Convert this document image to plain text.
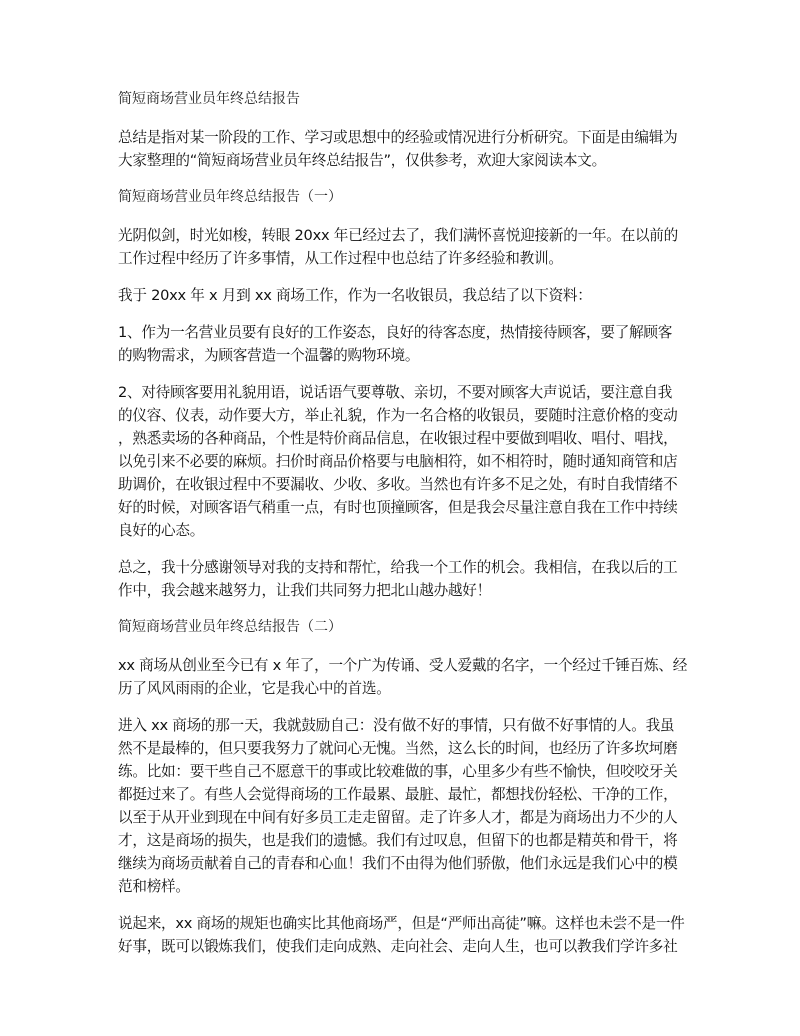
简短商场营业员年终总结报告
总结是指对某一阶段的工作、学习或思想中的经验或情况进行分析研究。下面是由编辑为
大家整理的“简短商场营业员年终总结报告”，仅供参考，欢迎大家阅读本文。
简短商场营业员年终总结报告（一）
光阴似剑，时光如梭，转眼 20xx 年已经过去了，我们满怀喜悦迎接新的一年。在以前的
工作过程中经历了许多事情，从工作过程中也总结了许多经验和教训。
我于 20xx 年 x 月到 xx 商场工作，作为一名收银员，我总结了以下资料：
1、作为一名营业员要有良好的工作姿态，良好的待客态度，热情接待顾客，要了解顾客
的购物需求，为顾客营造一个温馨的购物环境。
2、对待顾客要用礼貌用语，说话语气要尊敬、亲切，不要对顾客大声说话，要注意自我
的仪容、仪表，动作要大方，举止礼貌，作为一名合格的收银员，要随时注意价格的变动
，熟悉卖场的各种商品，个性是特价商品信息，在收银过程中要做到唱收、唱付、唱找，
以免引来不必要的麻烦。扫价时商品价格要与电脑相符，如不相符时，随时通知商管和店
助调价，在收银过程中不要漏收、少收、多收。当然也有许多不足之处，有时自我情绪不
好的时候，对顾客语气稍重一点，有时也顶撞顾客，但是我会尽量注意自我在工作中持续
良好的心态。
总之，我十分感谢领导对我的支持和帮忙，给我一个工作的机会。我相信，在我以后的工
作中，我会越来越努力，让我们共同努力把北山越办越好！
简短商场营业员年终总结报告（二）
xx 商场从创业至今已有 x 年了，一个广为传诵、受人爱戴的名字，一个经过千锤百炼、经
历了风风雨雨的企业，它是我心中的首选。
进入 xx 商场的那一天，我就鼓励自己：没有做不好的事情，只有做不好事情的人。我虽
然不是最棒的，但只要我努力了就问心无愧。当然，这么长的时间，也经历了许多坎坷磨
练。比如：要干些自己不愿意干的事或比较难做的事，心里多少有些不愉快，但咬咬牙关
都挺过来了。有些人会觉得商场的工作最累、最脏、最忙，都想找份轻松、干净的工作，
以至于从开业到现在中间有好多员工走走留留。走了许多人才，都是为商场出力不少的人
才，这是商场的损失，也是我们的遗憾。我们有过叹息，但留下的也都是精英和骨干，将
继续为商场贡献着自己的青春和心血！我们不由得为他们骄傲，他们永远是我们心中的模
范和榜样。
说起来，xx 商场的规矩也确实比其他商场严，但是“严师出高徒”嘛。这样也未尝不是一件
好事，既可以锻炼我们，使我们走向成熟、走向社会、走向人生，也可以教我们学许多社
